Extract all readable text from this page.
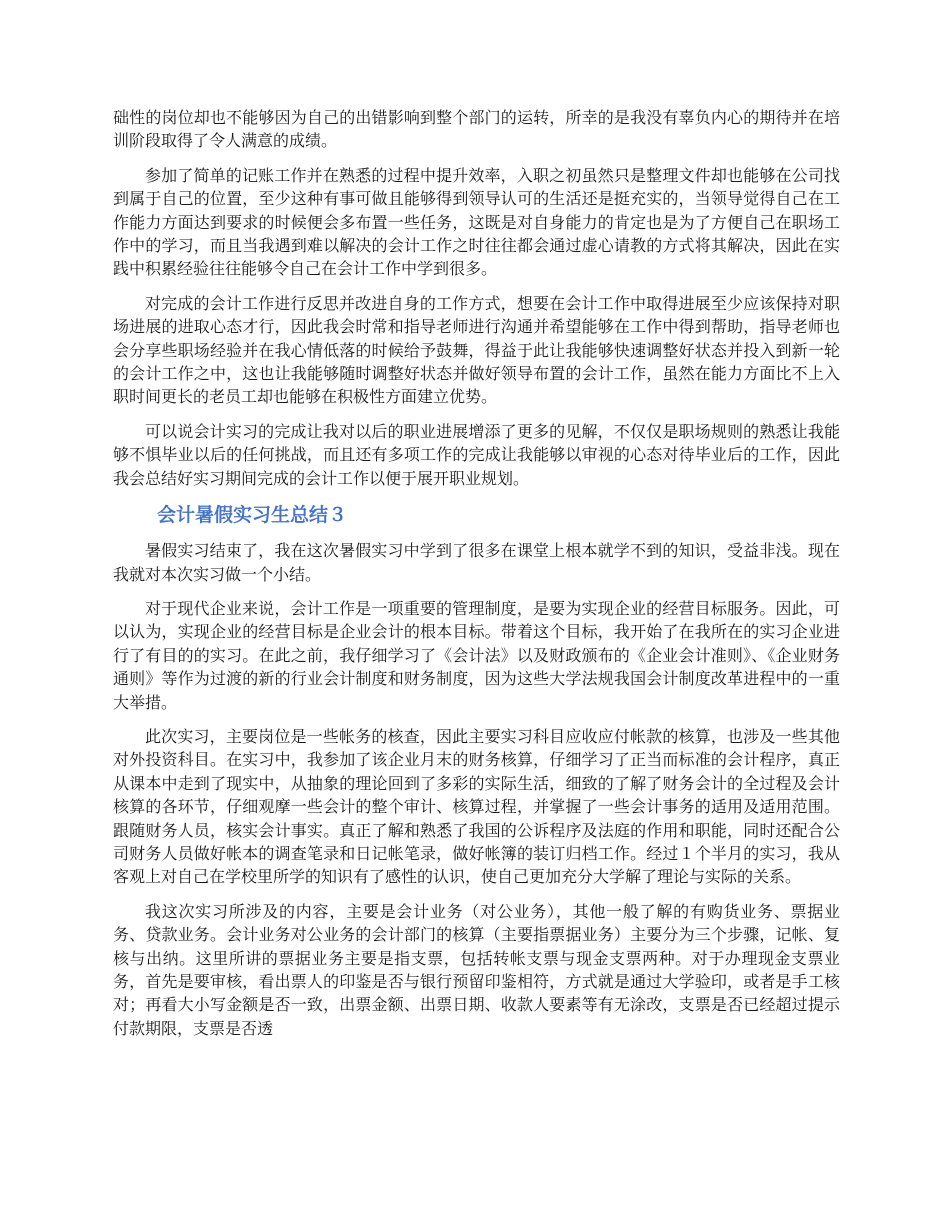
础性的岗位却也不能够因为自己的出错影响到整个部门的运转，所幸的是我没有辜负内心的期待并在培训阶段取得了令人满意的成绩。

参加了简单的记账工作并在熟悉的过程中提升效率，入职之初虽然只是整理文件却也能够在公司找到属于自己的位置，至少这种有事可做且能够得到领导认可的生活还是挺充实的，当领导觉得自己在工作能力方面达到要求的时候便会多布置一些任务，这既是对自身能力的肯定也是为了方便自己在职场工作中的学习，而且当我遇到难以解决的会计工作之时往往都会通过虚心请教的方式将其解决，因此在实践中积累经验往往能够令自己在会计工作中学到很多。

对完成的会计工作进行反思并改进自身的工作方式，想要在会计工作中取得进展至少应该保持对职场进展的进取心态才行，因此我会时常和指导老师进行沟通并希望能够在工作中得到帮助，指导老师也会分享些职场经验并在我心情低落的时候给予鼓舞，得益于此让我能够快速调整好状态并投入到新一轮的会计工作之中，这也让我能够随时调整好状态并做好领导布置的会计工作，虽然在能力方面比不上入职时间更长的老员工却也能够在积极性方面建立优势。

可以说会计实习的完成让我对以后的职业进展增添了更多的见解，不仅仅是职场规则的熟悉让我能够不惧毕业以后的任何挑战，而且还有多项工作的完成让我能够以审视的心态对待毕业后的工作，因此我会总结好实习期间完成的会计工作以便于展开职业规划。

会计暑假实习生总结３

暑假实习结束了，我在这次暑假实习中学到了很多在课堂上根本就学不到的知识，受益非浅。现在我就对本次实习做一个小结。

对于现代企业来说，会计工作是一项重要的管理制度，是要为实现企业的经营目标服务。因此，可以认为，实现企业的经营目标是企业会计的根本目标。带着这个目标，我开始了在我所在的实习企业进行了有目的的实习。在此之前，我仔细学习了《会计法》以及财政颁布的《企业会计准则》、《企业财务通则》等作为过渡的新的行业会计制度和财务制度，因为这些大学法规我国会计制度改革进程中的一重大举措。

此次实习，主要岗位是一些帐务的核查，因此主要实习科目应收应付帐款的核算，也涉及一些其他对外投资科目。在实习中，我参加了该企业月末的财务核算，仔细学习了正当而标准的会计程序，真正从课本中走到了现实中，从抽象的理论回到了多彩的实际生活，细致的了解了财务会计的全过程及会计核算的各环节，仔细观摩一些会计的整个审计、核算过程，并掌握了一些会计事务的适用及适用范围。跟随财务人员，核实会计事实。真正了解和熟悉了我国的公诉程序及法庭的作用和职能，同时还配合公司财务人员做好帐本的调查笔录和日记帐笔录，做好帐簿的装订归档工作。经过１个半月的实习，我从客观上对自己在学校里所学的知识有了感性的认识，使自己更加充分大学解了理论与实际的关系。

我这次实习所涉及的内容，主要是会计业务（对公业务），其他一般了解的有购货业务、票据业务、贷款业务。会计业务对公业务的会计部门的核算（主要指票据业务）主要分为三个步骤，记帐、复核与出纳。这里所讲的票据业务主要是指支票，包括转帐支票与现金支票两种。对于办理现金支票业务，首先是要审核，看出票人的印鉴是否与银行预留印鉴相符，方式就是通过大学验印，或者是手工核对；再看大小写金额是否一致，出票金额、出票日期、收款人要素等有无涂改，支票是否已经超过提示付款期限，支票是否透
